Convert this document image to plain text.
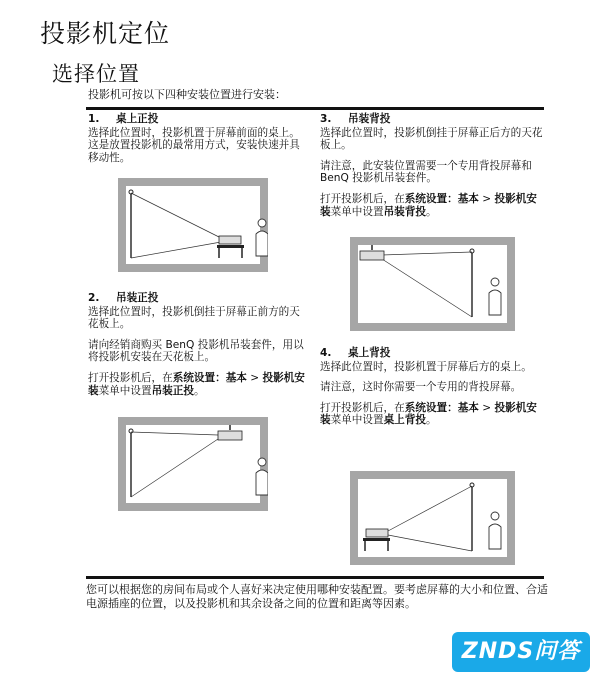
投影机定位
选择位置
投影机可按以下四种安装位置进行安装：
1. 桌上正投

选择此位置时，投影机置于屏幕前面的桌上。这是放置投影机的最常用方式，安装快速并具移动性。

2. 吊装正投

选择此位置时，投影机倒挂于屏幕正前方的天花板上。

请向经销商购买 BenQ 投影机吊装套件，用以将投影机安装在天花板上。

打开投影机后，在系统设置：基本 > 投影机安装菜单中设置吊装正投。

3. 吊装背投

选择此位置时，投影机倒挂于屏幕正后方的天花板上。

请注意，此安装位置需要一个专用背投屏幕和 BenQ 投影机吊装套件。

打开投影机后，在系统设置：基本 > 投影机安装菜单中设置吊装背投。

4. 桌上背投

选择此位置时，投影机置于屏幕后方的桌上。

请注意，这时你需要一个专用的背投屏幕。

打开投影机后，在系统设置：基本 > 投影机安装菜单中设置桌上背投。

您可以根据您的房间布局或个人喜好来决定使用哪种安装配置。要考虑屏幕的大小和位置、合适电源插座的位置，以及投影机和其余设备之间的位置和距离等因素。
ZNDS问答
